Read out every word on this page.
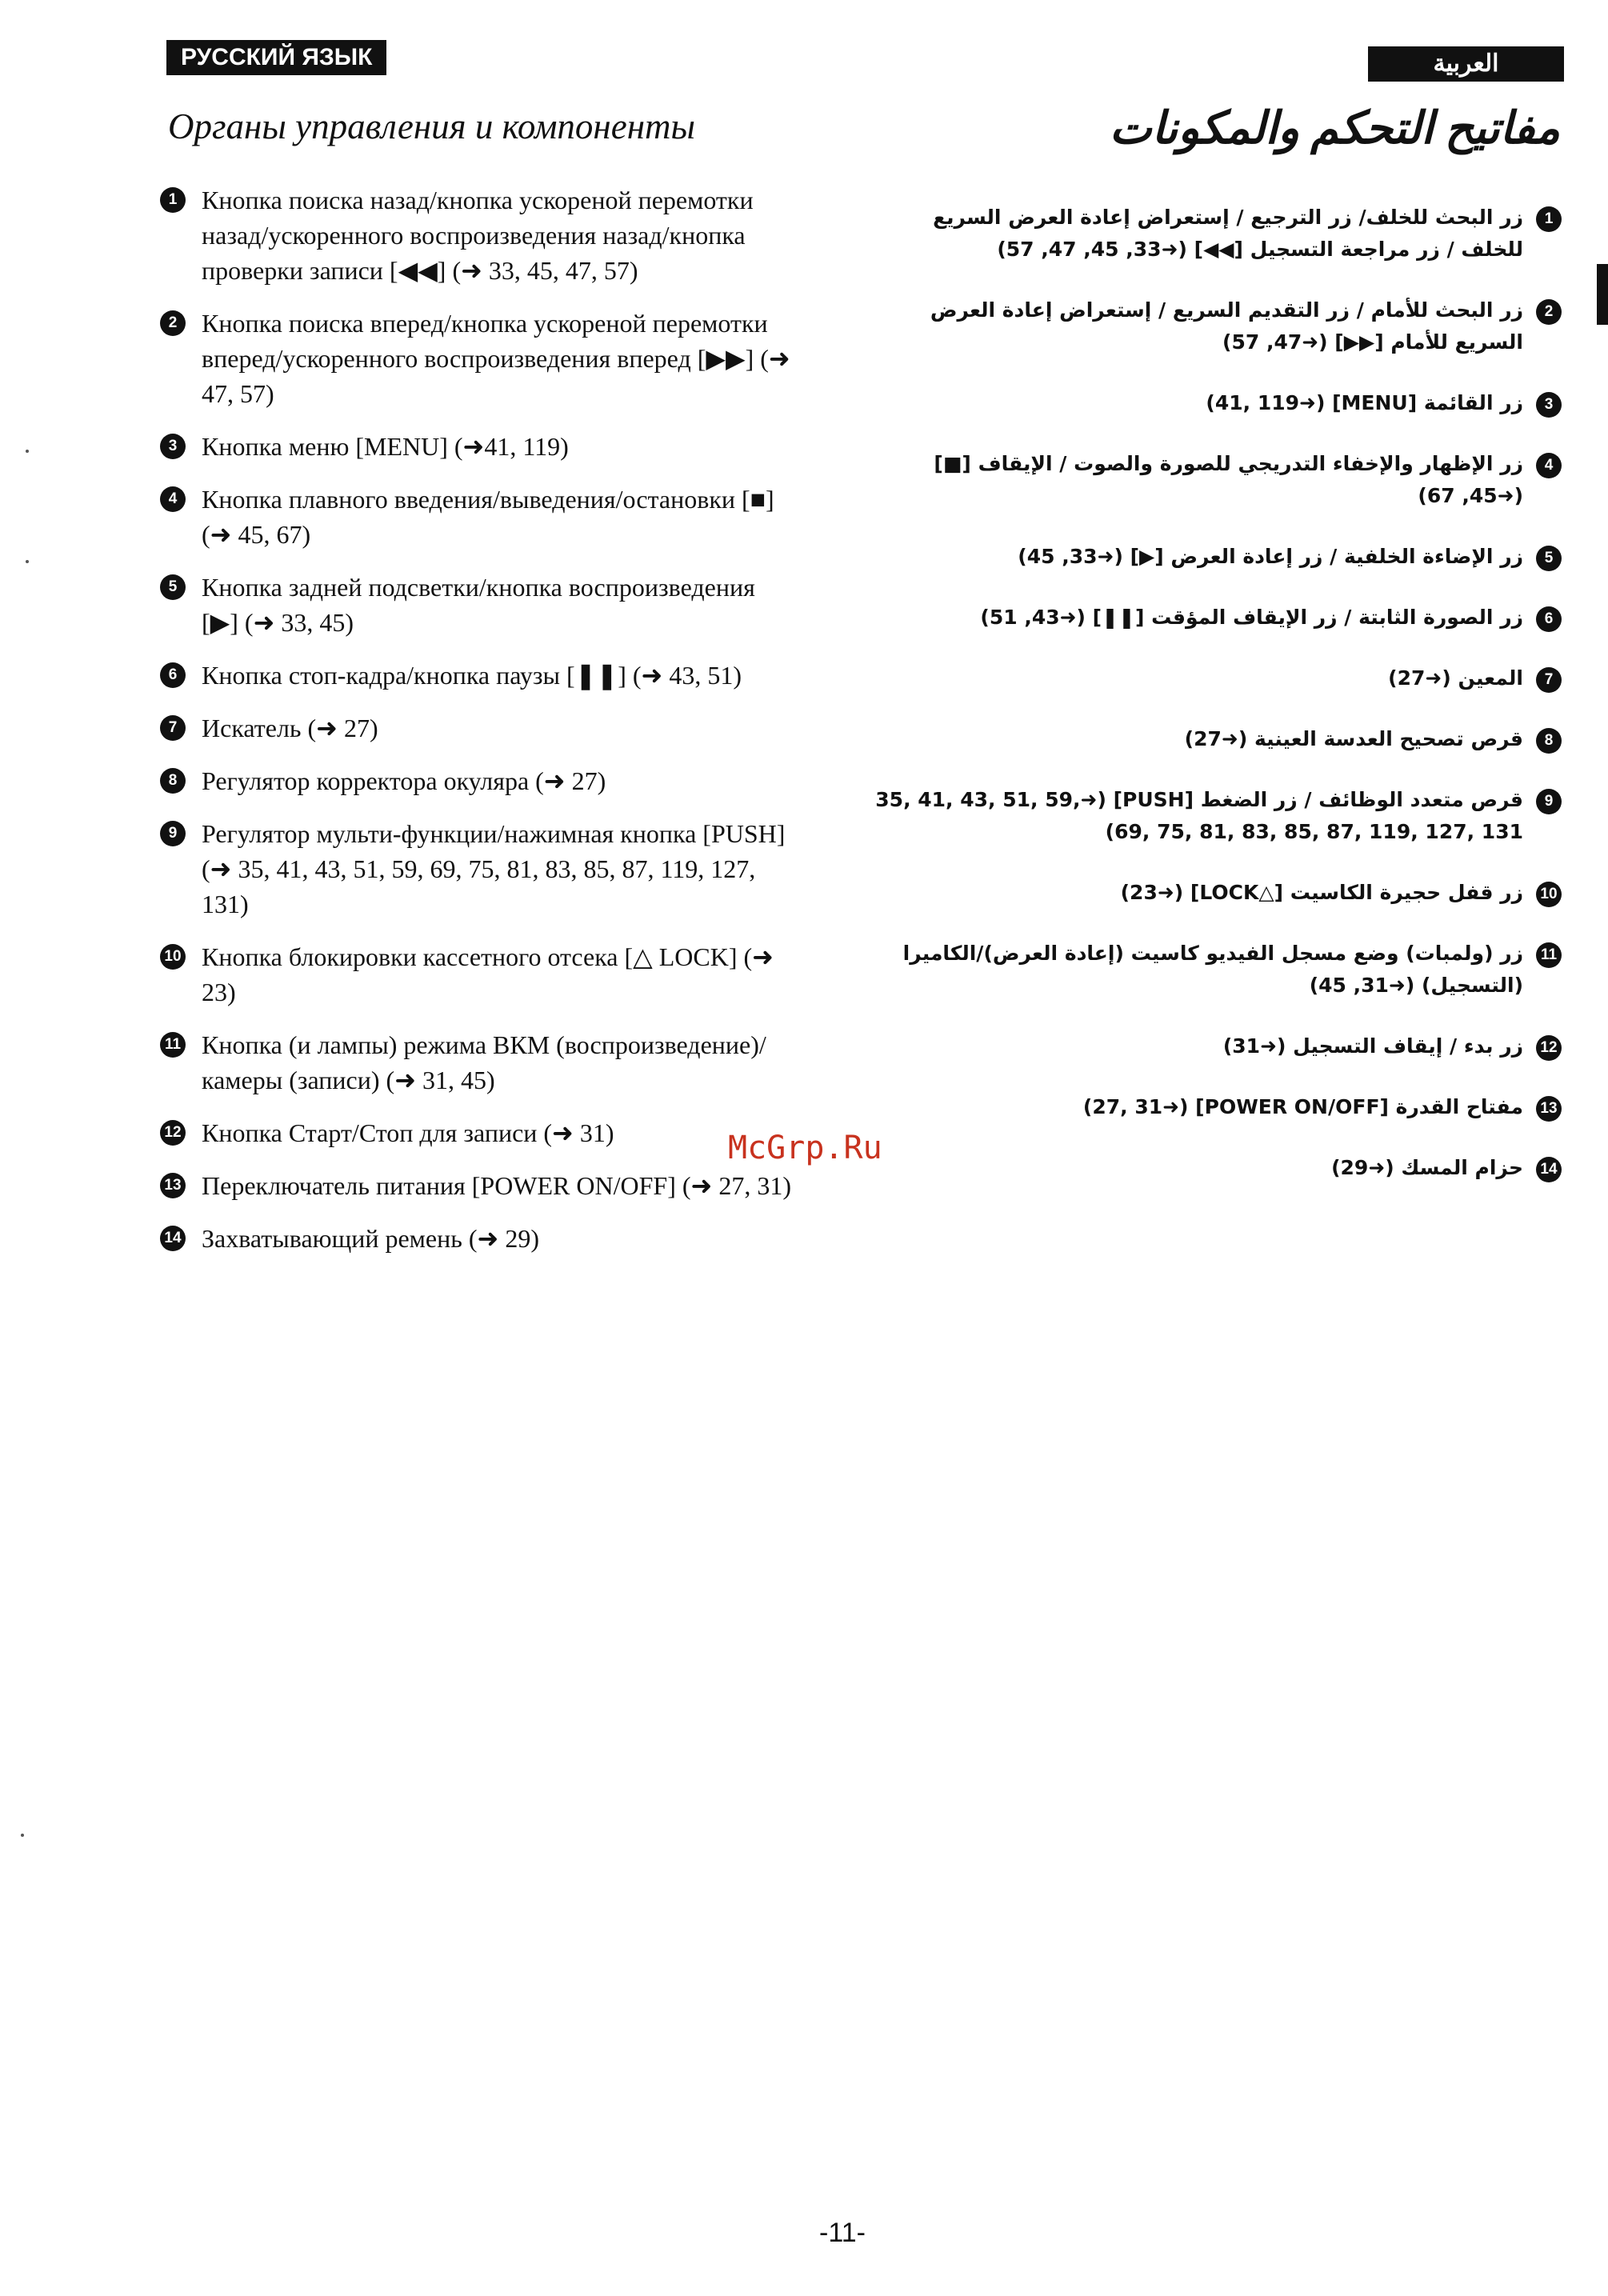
РУССКИЙ ЯЗЫК	العربية
Органы управления и компоненты	مفاتيح التحكم والمكونات
1 Кнопка поиска назад/кнопка ускореной перемотки назад/ускоренного воспроизведения назад/кнопка проверки записи [◀◀] (➜ 33, 45, 47, 57)
2 Кнопка поиска вперед/кнопка ускореной перемотки вперед/ускоренного воспроизведения вперед [▶▶] (➜ 47, 57)
3 Кнопка меню [MENU] (➜41, 119)
4 Кнопка плавного введения/выведения/остановки [■] (➜ 45, 67)
5 Кнопка задней подсветки/кнопка воспроизведения [▶] (➜ 33, 45)
6 Кнопка стоп-кадра/кнопка паузы [❚❚] (➜ 43, 51)
7 Искатель (➜ 27)
8 Регулятор корректора окуляра (➜ 27)
9 Регулятор мульти-функции/нажимная кнопка [PUSH] (➜ 35, 41, 43, 51, 59, 69, 75, 81, 83, 85, 87, 119, 127, 131)
10 Кнопка блокировки кассетного отсека [△ LOCK] (➜ 23)
11 Кнопка (и лампы) режима ВКМ (воспроизведение)/камеры (записи) (➜ 31, 45)
12 Кнопка Старт/Стоп для записи (➜ 31)
13 Переключатель питания [POWER ON/OFF] (➜ 27, 31)
14 Захватывающий ремень (➜ 29)
1
زر البحث للخلف/ زر الترجيع / إستعراض إعادة العرض السريع للخلف / زر مراجعة التسجيل [◀◀] (➜33, 45, 47, 57)
2
زر البحث للأمام / زر التقديم السريع / إستعراض إعادة العرض السريع للأمام [▶▶] (➜47, 57)
3
زر القائمة [MENU] (➜41, 119)
4
زر الإظهار والإخفاء التدريجي للصورة والصوت / الإيقاف [■] (➜45, 67)
5
زر الإضاءة الخلفية / زر إعادة العرض [▶] (➜33, 45)
6
زر الصورة الثابتة / زر الإيقاف المؤقت [❚❚] (➜43, 51)
7
المعين (➜27)
8
قرص تصحيح العدسة العينية (➜27)
9
قرص متعدد الوظائف / زر الضغط [PUSH] (➜35, 41, 43, 51, 59, 69, 75, 81, 83, 85, 87, 119, 127, 131)
10
زر قفل حجيرة الكاسيت [△LOCK] (➜23)
11
زر (ولمبات) وضع مسجل الفيديو كاسيت (إعادة العرض)/الكاميرا (التسجيل) (➜31, 45)
12
زر بدء / إيقاف التسجيل (➜31)
13
مفتاح القدرة [POWER ON/OFF] (➜27, 31)
14
حزام المسك (➜29)
McGrp.Ru
-11-
